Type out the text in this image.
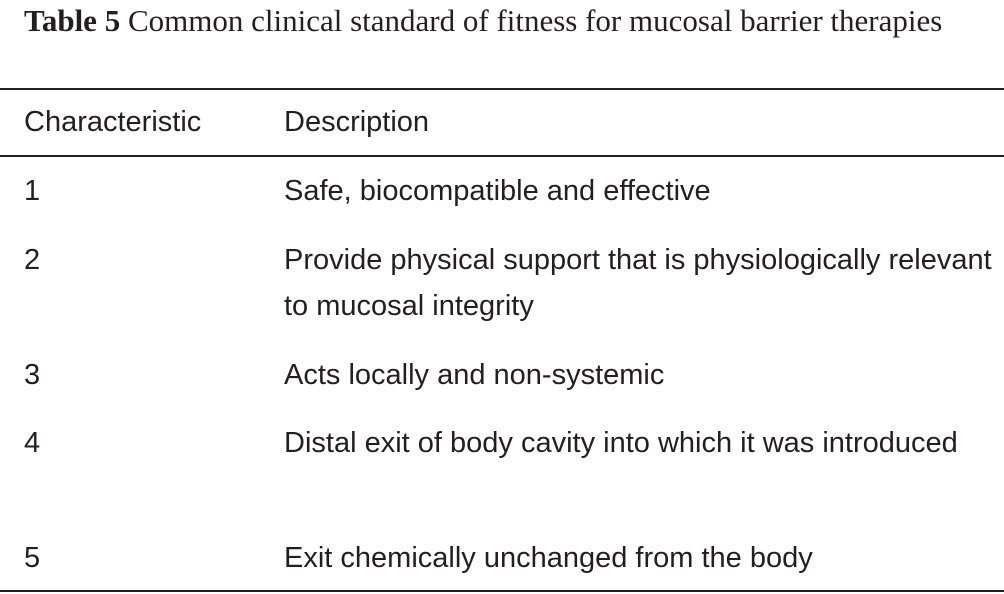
Table 5 Common clinical standard of fitness for mucosal barrier therapies
Characteristic	Description
1	Safe, biocompatible and effective
2	Provide physical support that is physiologically relevant to mucosal integrity
3	Acts locally and non-systemic
4	Distal exit of body cavity into which it was introduced
5	Exit chemically unchanged from the body
